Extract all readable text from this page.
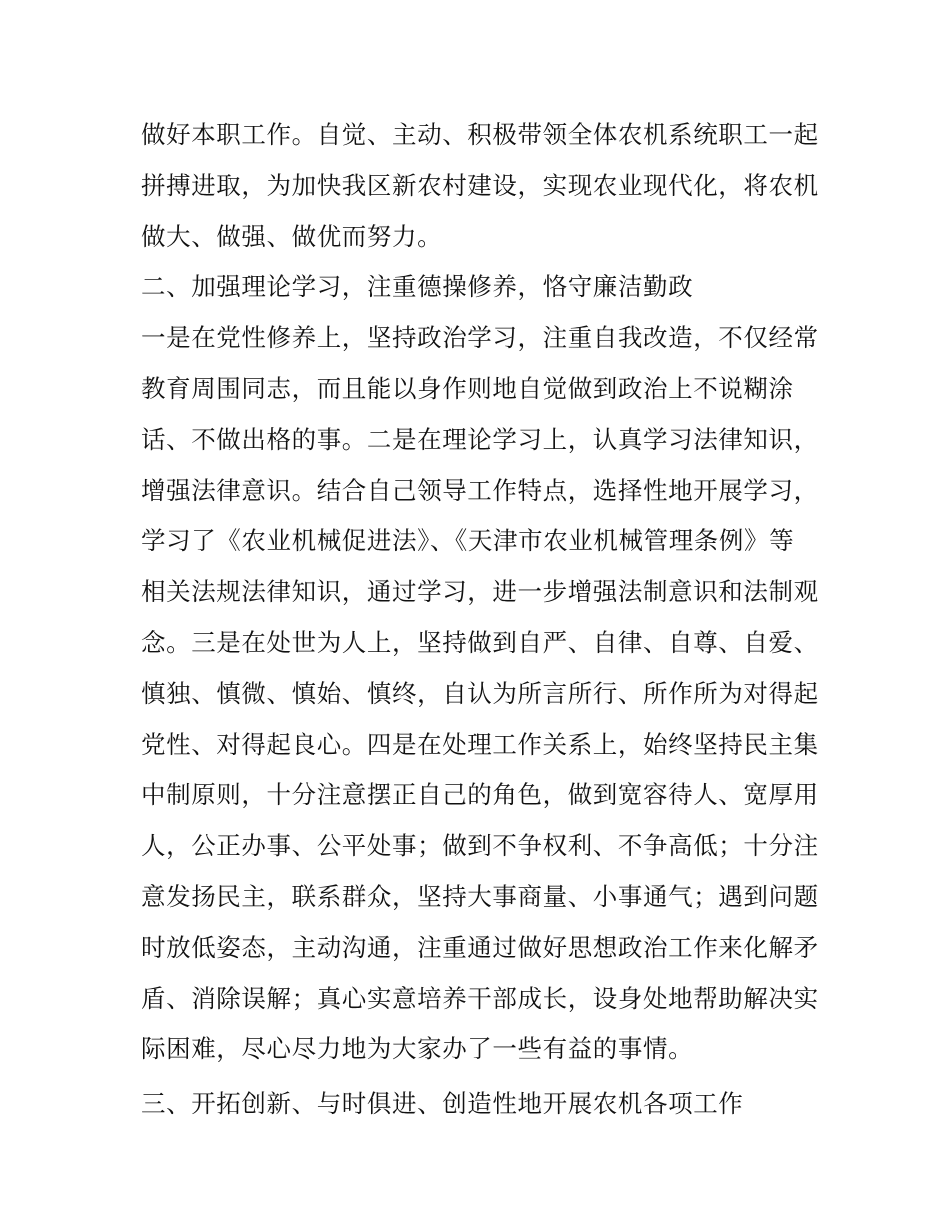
做好本职工作。自觉、主动、积极带领全体农机系统职工一起
拼搏进取，为加快我区新农村建设，实现农业现代化，将农机
做大、做强、做优而努力。
二、加强理论学习，注重德操修养，恪守廉洁勤政
一是在党性修养上，坚持政治学习，注重自我改造，不仅经常
教育周围同志，而且能以身作则地自觉做到政治上不说糊涂
话、不做出格的事。二是在理论学习上，认真学习法律知识，
增强法律意识。结合自己领导工作特点，选择性地开展学习，
学习了《农业机械促进法》、《天津市农业机械管理条例》等
相关法规法律知识，通过学习，进一步增强法制意识和法制观
念。三是在处世为人上，坚持做到自严、自律、自尊、自爱、
慎独、慎微、慎始、慎终，自认为所言所行、所作所为对得起
党性、对得起良心。四是在处理工作关系上，始终坚持民主集
中制原则，十分注意摆正自己的角色，做到宽容待人、宽厚用
人，公正办事、公平处事；做到不争权利、不争高低；十分注
意发扬民主，联系群众，坚持大事商量、小事通气；遇到问题
时放低姿态，主动沟通，注重通过做好思想政治工作来化解矛
盾、消除误解；真心实意培养干部成长，设身处地帮助解决实
际困难，尽心尽力地为大家办了一些有益的事情。
三、开拓创新、与时俱进、创造性地开展农机各项工作
